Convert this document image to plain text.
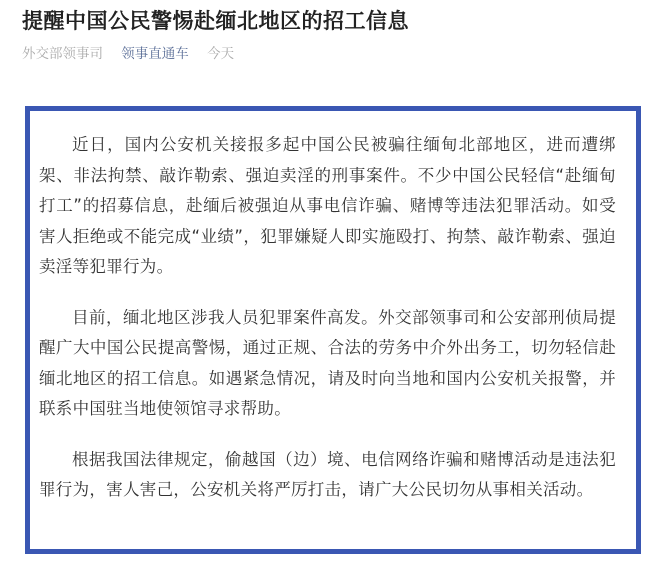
提醒中国公民警惕赴缅北地区的招工信息
外交部领事司 领事直通车 今天

近日，国内公安机关接报多起中国公民被骗往缅甸北部地区，进而遭绑架、非法拘禁、敲诈勒索、强迫卖淫的刑事案件。不少中国公民轻信“赴缅甸打工”的招募信息，赴缅后被强迫从事电信诈骗、赌博等违法犯罪活动。如受害人拒绝或不能完成“业绩”，犯罪嫌疑人即实施殴打、拘禁、敲诈勒索、强迫卖淫等犯罪行为。

目前，缅北地区涉我人员犯罪案件高发。外交部领事司和公安部刑侦局提醒广大中国公民提高警惕，通过正规、合法的劳务中介外出务工，切勿轻信赴缅北地区的招工信息。如遇紧急情况，请及时向当地和国内公安机关报警，并联系中国驻当地使领馆寻求帮助。

根据我国法律规定，偷越国（边）境、电信网络诈骗和赌博活动是违法犯罪行为，害人害己，公安机关将严厉打击，请广大公民切勿从事相关活动。
